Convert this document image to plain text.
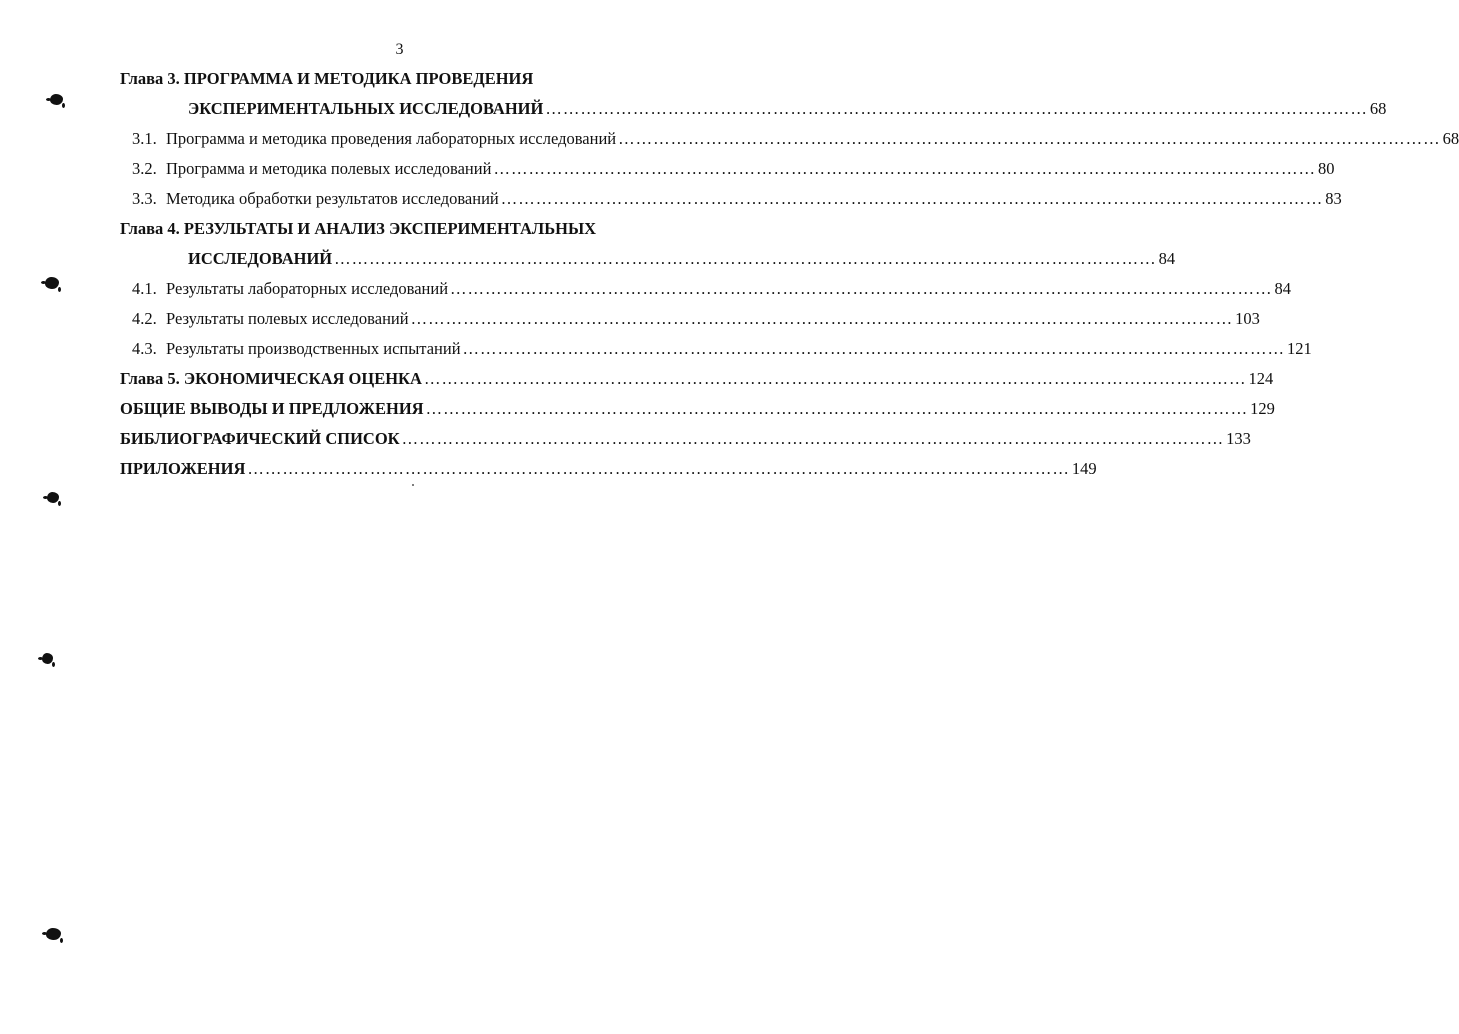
3
Глава 3. ПРОГРАММА И МЕТОДИКА ПРОВЕДЕНИЯ
ЭКСПЕРИМЕНТАЛЬНЫХ ИССЛЕДОВАНИЙ …………………………………………………………………………………………………………………………… 68
3.1. Программа и методика проведения лабораторных исследований …………………………………………………………………………………………………………………………… 68
3.2. Программа и методика полевых исследований …………………………………………………………………………………………………………………………… 80
3.3. Методика обработки результатов исследований …………………………………………………………………………………………………………………………… 83
Глава 4. РЕЗУЛЬТАТЫ И АНАЛИЗ ЭКСПЕРИМЕНТАЛЬНЫХ
ИССЛЕДОВАНИЙ …………………………………………………………………………………………………………………………… 84
4.1. Результаты лабораторных исследований …………………………………………………………………………………………………………………………… 84
4.2. Результаты полевых исследований …………………………………………………………………………………………………………………………… 103
4.3. Результаты производственных испытаний …………………………………………………………………………………………………………………………… 121
Глава 5. ЭКОНОМИЧЕСКАЯ ОЦЕНКА …………………………………………………………………………………………………………………………… 124
ОБЩИЕ ВЫВОДЫ И ПРЕДЛОЖЕНИЯ …………………………………………………………………………………………………………………………… 129
БИБЛИОГРАФИЧЕСКИЙ СПИСОК …………………………………………………………………………………………………………………………… 133
ПРИЛОЖЕНИЯ …………………………………………………………………………………………………………………………… 149
